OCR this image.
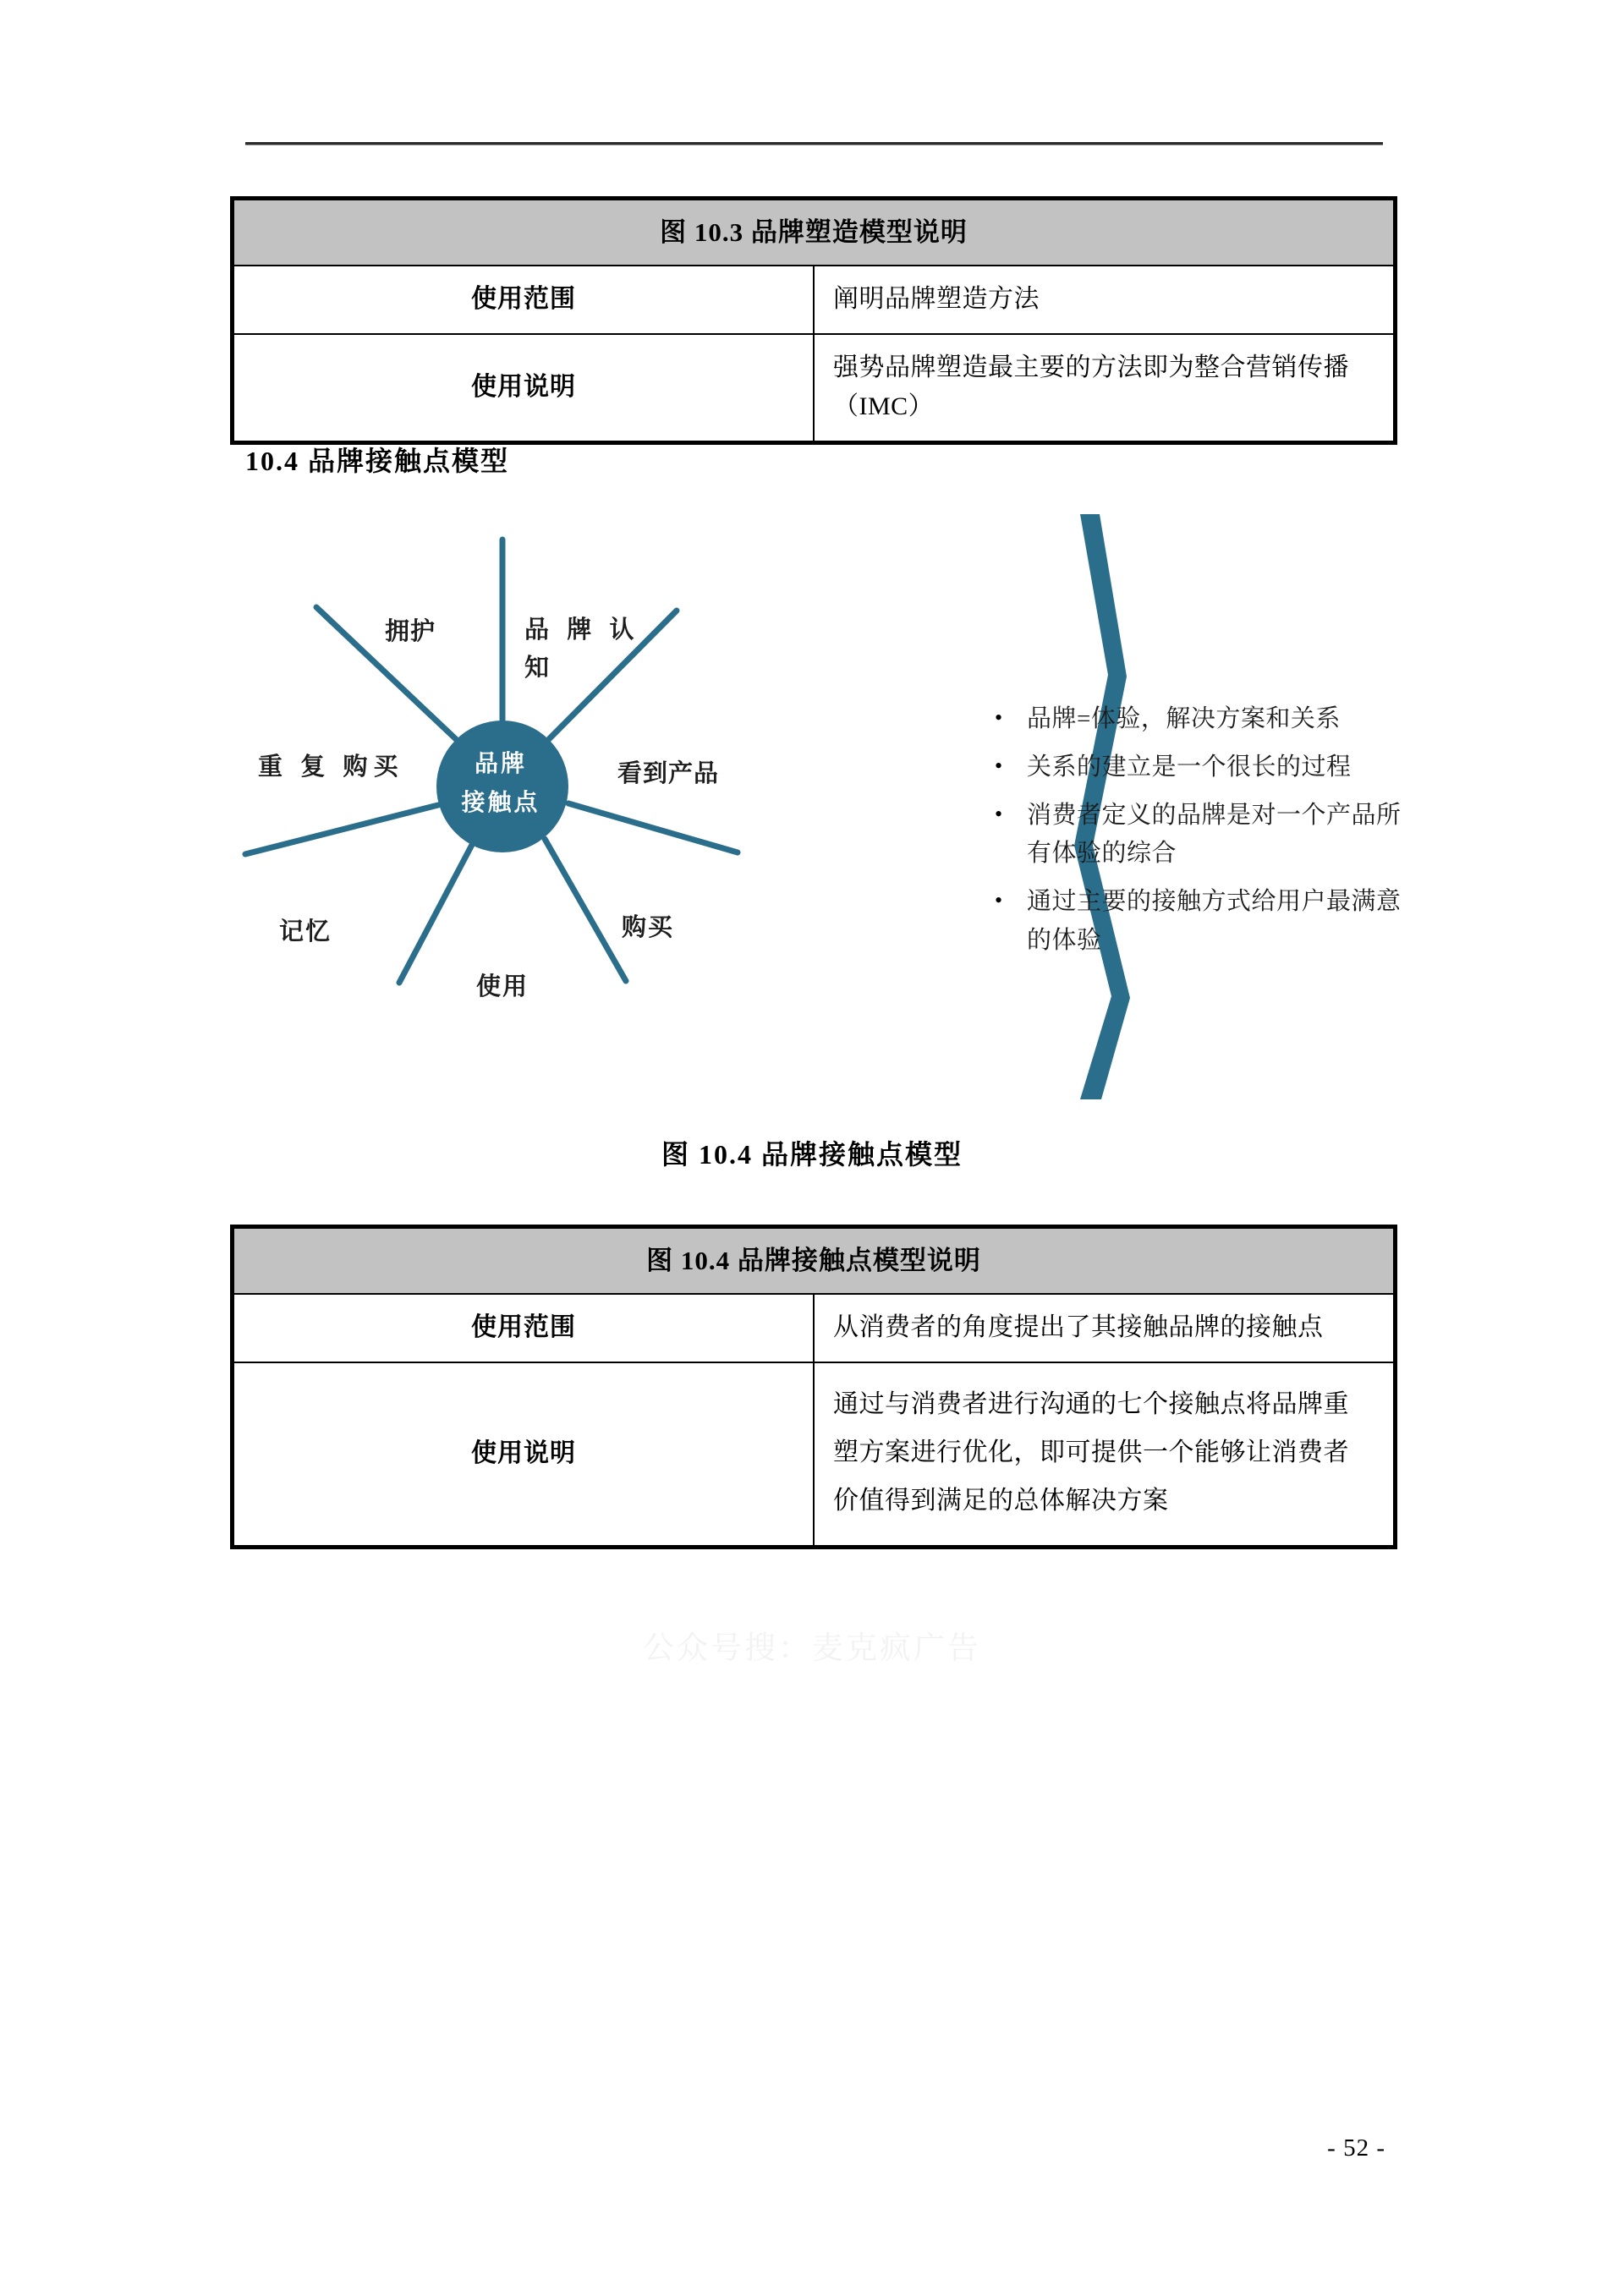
图 10.3 品牌塑造模型说明	
使用范围	阐明品牌塑造方法
使用说明	强势品牌塑造最主要的方法即为整合营销传播（IMC）
10.4 品牌接触点模型
品牌
接触点
品 牌 认知
拥护
重 复 购买
记忆
使用
购买
看到产品
• 品牌=体验，解决方案和关系
• 关系的建立是一个很长的过程
• 消费者定义的品牌是对一个产品所有体验的综合
• 通过主要的接触方式给用户最满意的体验
图 10.4 品牌接触点模型
图 10.4 品牌接触点模型说明	
使用范围	从消费者的角度提出了其接触品牌的接触点
使用说明	通过与消费者进行沟通的七个接触点将品牌重塑方案进行优化，即可提供一个能够让消费者价值得到满足的总体解决方案
公众号搜：麦克疯广告
- 52 -
